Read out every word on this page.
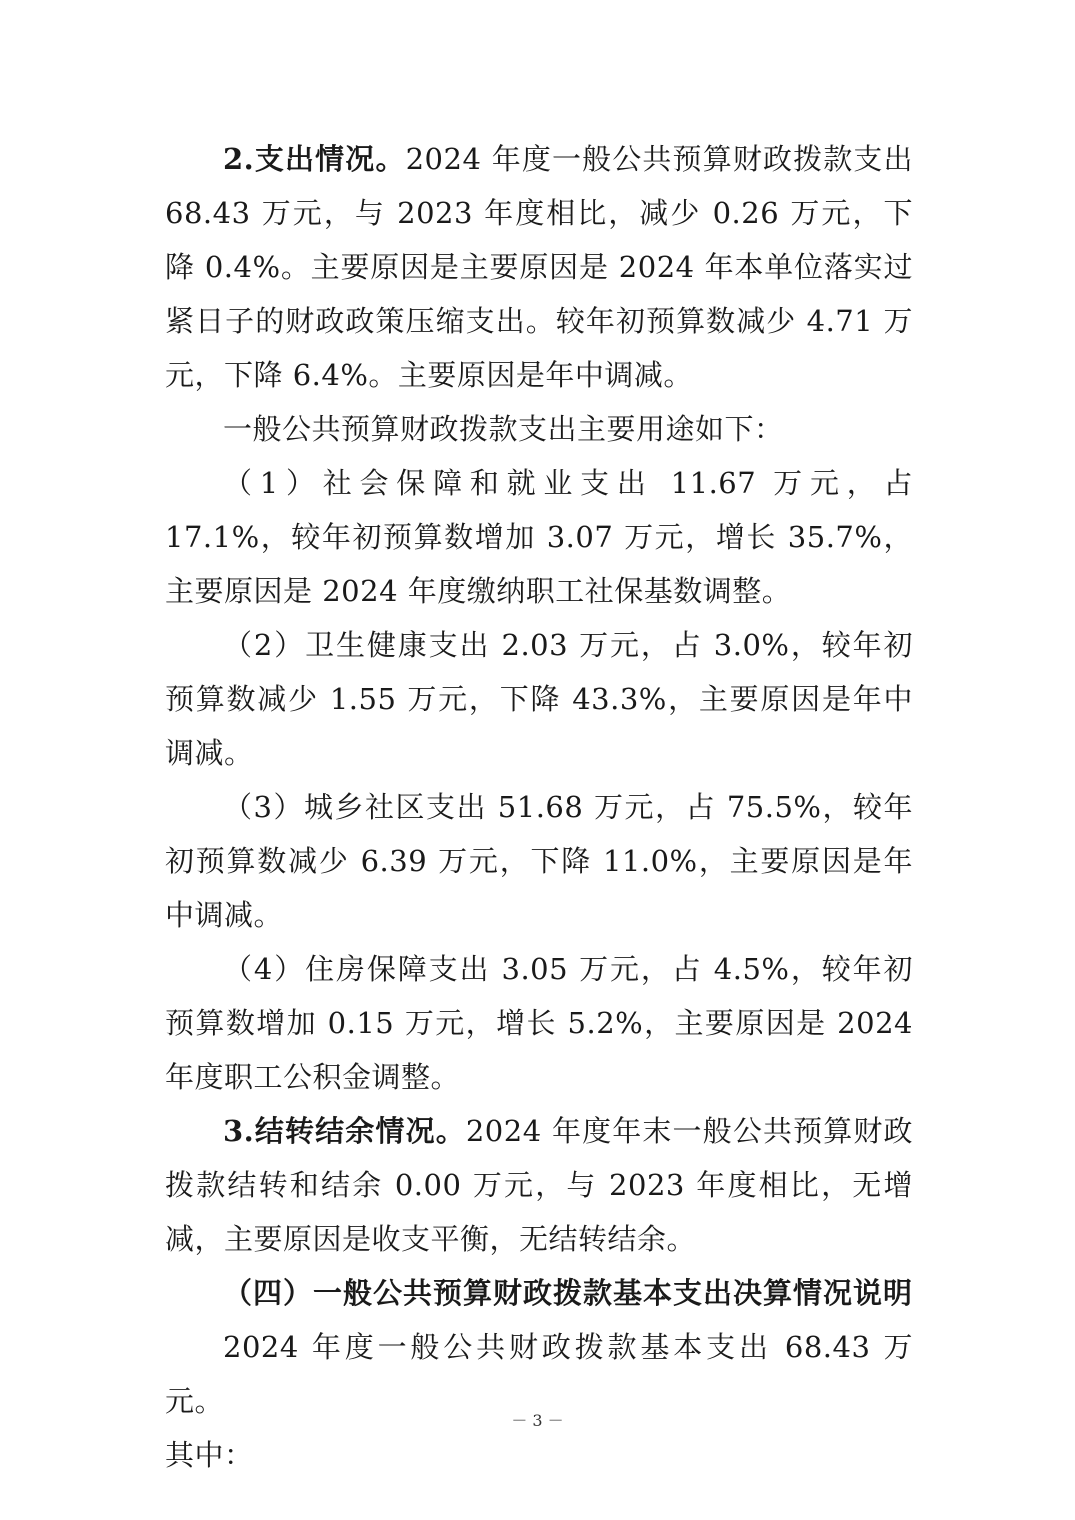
2.支出情况。2024 年度一般公共预算财政拨款支出 68.43 万元，与 2023 年度相比，减少 0.26 万元，下降 0.4%。主要原因是主要原因是 2024 年本单位落实过紧日子的财政政策压缩支出。较年初预算数减少 4.71 万元，下降 6.4%。主要原因是年中调减。

一般公共预算财政拨款支出主要用途如下：

（1）社会保障和就业支出 11.67 万元，占 17.1%，较年初预算数增加 3.07 万元，增长 35.7%，主要原因是 2024 年度缴纳职工社保基数调整。

（2）卫生健康支出 2.03 万元，占 3.0%，较年初预算数减少 1.55 万元，下降 43.3%，主要原因是年中调减。

（3）城乡社区支出 51.68 万元，占 75.5%，较年初预算数减少 6.39 万元，下降 11.0%，主要原因是年中调减。

（4）住房保障支出 3.05 万元，占 4.5%，较年初预算数增加 0.15 万元，增长 5.2%，主要原因是 2024 年度职工公积金调整。

3.结转结余情况。2024 年度年末一般公共预算财政拨款结转和结余 0.00 万元，与 2023 年度相比，无增减，主要原因是收支平衡，无结转结余。

（四）一般公共预算财政拨款基本支出决算情况说明

2024 年度一般公共财政拨款基本支出 68.43 万元。

其中：

－ 3 －
